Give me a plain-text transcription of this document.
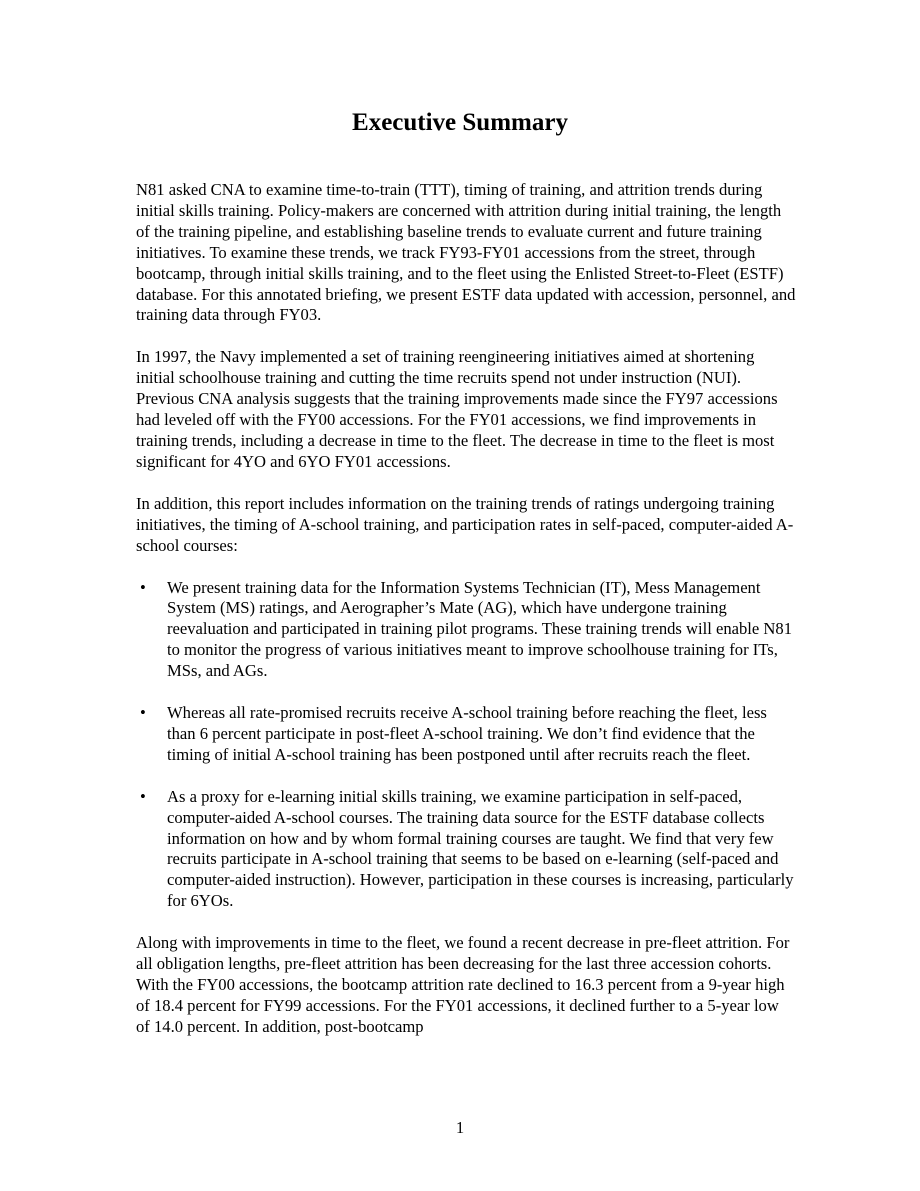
Executive Summary

N81 asked CNA to examine time-to-train (TTT), timing of training, and attrition trends during initial skills training. Policy-makers are concerned with attrition during initial training, the length of the training pipeline, and establishing baseline trends to evaluate current and future training initiatives. To examine these trends, we track FY93-FY01 accessions from the street, through bootcamp, through initial skills training, and to the fleet using the Enlisted Street-to-Fleet (ESTF) database. For this annotated briefing, we present ESTF data updated with accession, personnel, and training data through FY03.

In 1997, the Navy implemented a set of training reengineering initiatives aimed at shortening initial schoolhouse training and cutting the time recruits spend not under instruction (NUI). Previous CNA analysis suggests that the training improvements made since the FY97 accessions had leveled off with the FY00 accessions. For the FY01 accessions, we find improvements in training trends, including a decrease in time to the fleet. The decrease in time to the fleet is most significant for 4YO and 6YO FY01 accessions.

In addition, this report includes information on the training trends of ratings undergoing training initiatives, the timing of A-school training, and participation rates in self-paced, computer-aided A-school courses:

• We present training data for the Information Systems Technician (IT), Mess Management System (MS) ratings, and Aerographer’s Mate (AG), which have undergone training reevaluation and participated in training pilot programs. These training trends will enable N81 to monitor the progress of various initiatives meant to improve schoolhouse training for ITs, MSs, and AGs.
• Whereas all rate-promised recruits receive A-school training before reaching the fleet, less than 6 percent participate in post-fleet A-school training. We don’t find evidence that the timing of initial A-school training has been postponed until after recruits reach the fleet.
• As a proxy for e-learning initial skills training, we examine participation in self-paced, computer-aided A-school courses. The training data source for the ESTF database collects information on how and by whom formal training courses are taught. We find that very few recruits participate in A-school training that seems to be based on e-learning (self-paced and computer-aided instruction). However, participation in these courses is increasing, particularly for 6YOs.

Along with improvements in time to the fleet, we found a recent decrease in pre-fleet attrition. For all obligation lengths, pre-fleet attrition has been decreasing for the last three accession cohorts. With the FY00 accessions, the bootcamp attrition rate declined to 16.3 percent from a 9-year high of 18.4 percent for FY99 accessions. For the FY01 accessions, it declined further to a 5-year low of 14.0 percent. In addition, post-bootcamp

1
